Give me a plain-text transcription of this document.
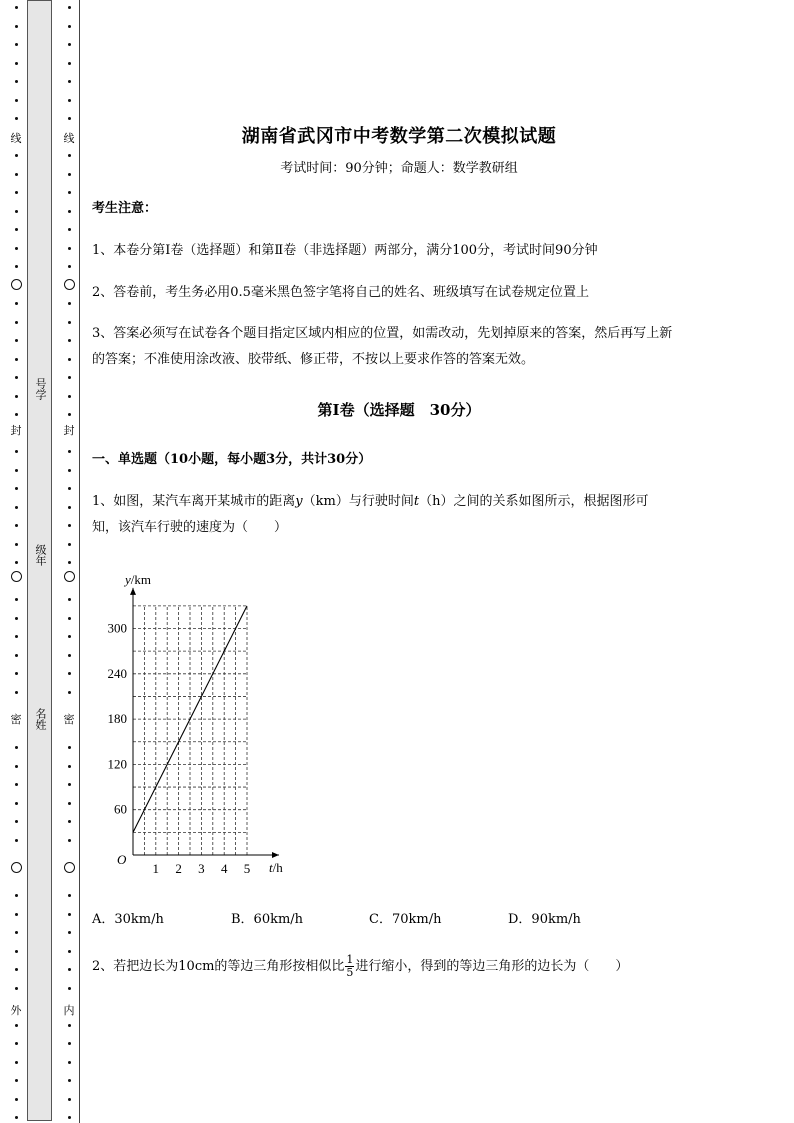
线
封
密
外
线
封
密
内
号学
级年
名姓
湖南省武冈市中考数学第二次模拟试题
考试时间：90分钟；命题人：数学教研组
考生注意：
1、本卷分第I卷（选择题）和第Ⅱ卷（非选择题）两部分，满分100分，考试时间90分钟
2、答卷前，考生务必用0.5毫米黑色签字笔将自己的姓名、班级填写在试卷规定位置上
3、答案必须写在试卷各个题目指定区域内相应的位置，如需改动，先划掉原来的答案，然后再写上新
的答案；不准使用涂改液、胶带纸、修正带，不按以上要求作答的答案无效。
第I卷（选择题　30分）
一、单选题（10小题，每小题3分，共计30分）
1、如图，某汽车离开某城市的距离y（km）与行驶时间t（h）之间的关系如图所示，根据图形可
知，该汽车行驶的速度为（　　）
1 2 3 4 5
60
120
180
240
300
O
y/km
t/h
A．30km/h	B．60km/h	C．70km/h	D．90km/h
2、若把边长为10cm的等边三角形按相似比 $\frac{1}{5}$ 进行缩小，得到的等边三角形的边长为（　　）
